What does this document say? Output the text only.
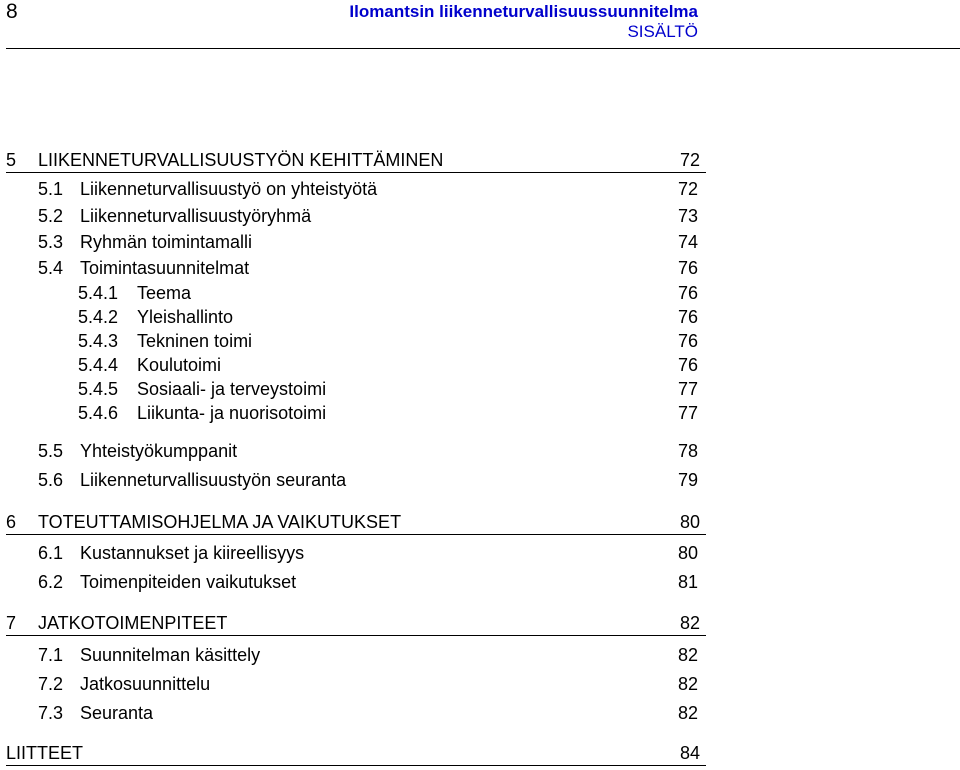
8	Ilomantsin liikenneturvallisuussuunnitelma
SISÄLTÖ
5 LIIKENNETURVALLISUUSTYÖN KEHITTÄMINEN	72
5.1 Liikenneturvallisuustyö on yhteistyötä	72
5.2 Liikenneturvallisuustyöryhmä	73
5.3 Ryhmän toimintamalli	74
5.4 Toimintasuunnitelmat	76
5.4.1 Teema	76
5.4.2 Yleishallinto	76
5.4.3 Tekninen toimi	76
5.4.4 Koulutoimi	76
5.4.5 Sosiaali- ja terveystoimi	77
5.4.6 Liikunta- ja nuorisotoimi	77
5.5 Yhteistyökumppanit	78
5.6 Liikenneturvallisuustyön seuranta	79
6 TOTEUTTAMISOHJELMA JA VAIKUTUKSET	80
6.1 Kustannukset ja kiireellisyys	80
6.2 Toimenpiteiden vaikutukset	81
7 JATKOTOIMENPITEET	82
7.1 Suunnitelman käsittely	82
7.2 Jatkosuunnittelu	82
7.3 Seuranta	82
LIITTEET	84
